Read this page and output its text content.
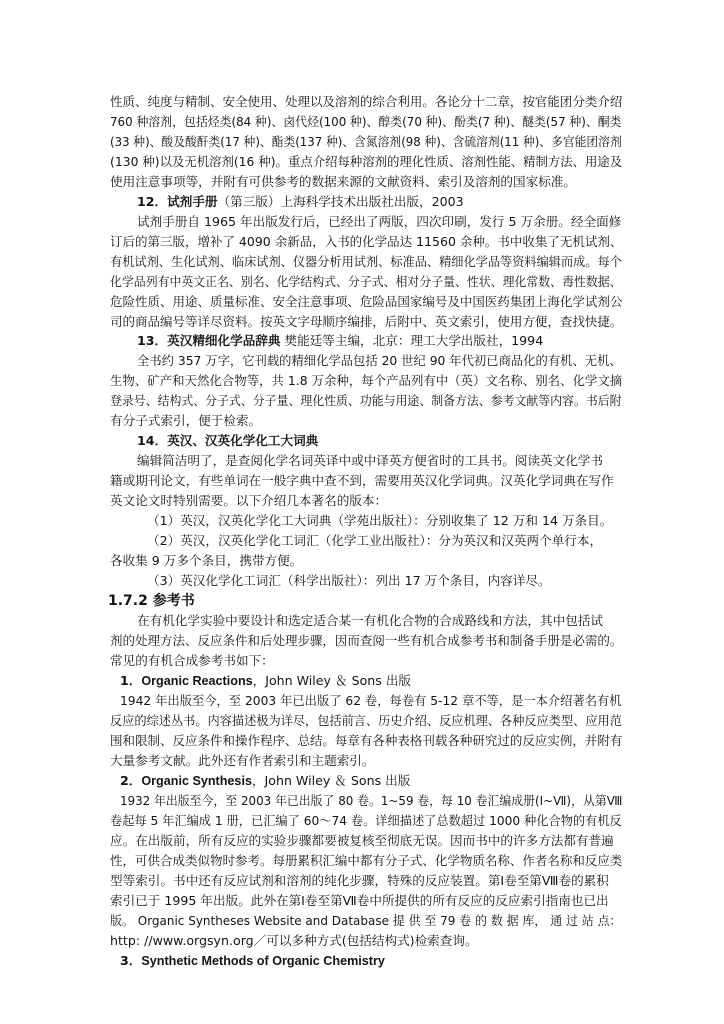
性质、纯度与精制、安全使用、处理以及溶剂的综合利用。各论分十二章，按官能团分类介绍
760 种溶剂，包括烃类(84 种)、卤代烃(100 种)、醇类(70 种)、酚类(7 种)、醚类(57 种)、酮类
(33 种)、酸及酸酐类(17 种)、酯类(137 种)、含氮溶剂(98 种)、含硫溶剂(11 种)、多官能团溶剂
(130 种)以及无机溶剂(16 种)。重点介绍每种溶剂的理化性质、溶剂性能、精制方法、用途及
使用注意事项等，并附有可供参考的数据来源的文献资料、索引及溶剂的国家标准。
12．试剂手册（第三版）上海科学技术出版社出版，2003
试剂手册自 1965 年出版发行后，已经出了两版，四次印刷，发行 5 万余册。经全面修
订后的第三版，增补了 4090 余新品，入书的化学品达 11560 余种。书中收集了无机试剂、
有机试剂、生化试剂、临床试剂、仪器分析用试剂、标准品、精细化学品等资料编辑而成。每个
化学品列有中英文正名、别名、化学结构式、分子式、相对分子量、性状、理化常数、毒性数据、
危险性质、用途、质量标准、安全注意事项、危险品国家编号及中国医药集团上海化学试剂公
司的商品编号等详尽资料。按英文字母顺序编排，后附中、英文索引，使用方便，查找快捷。
13．英汉精细化学品辞典 樊能廷等主编，北京：理工大学出版社，1994
全书约 357 万字，它刊载的精细化学品包括 20 世纪 90 年代初已商品化的有机、无机、
生物、矿产和天然化合物等，共 1.8 万余种，每个产品列有中（英）文名称、别名、化学文摘
登录号、结构式、分子式、分子量、理化性质、功能与用途、制备方法、参考文献等内容。书后附
有分子式索引，便于检索。
14．英汉、汉英化学化工大词典
编辑简洁明了，是查阅化学名词英译中或中译英方便省时的工具书。阅读英文化学书
籍或期刊论文，有些单词在一般字典中查不到，需要用英汉化学词典。汉英化学词典在写作
英文论文时特别需要。以下介绍几本著名的版本：
（1）英汉，汉英化学化工大词典（学苑出版社）：分别收集了 12 万和 14 万条目。
（2）英汉，汉英化学化工词汇（化学工业出版社）：分为英汉和汉英两个单行本，
各收集 9 万多个条目，携带方便。
（3）英汉化学化工词汇（科学出版社）：列出 17 万个条目，内容详尽。
1.7.2 参考书
在有机化学实验中要设计和选定适合某一有机化合物的合成路线和方法，其中包括试
剂的处理方法、反应条件和后处理步骤，因而查阅一些有机合成参考书和制备手册是必需的。
常见的有机合成参考书如下：
1．Organic Reactions，John Wiley ＆ Sons 出版
1942 年出版至今，至 2003 年已出版了 62 卷，每卷有 5-12 章不等，是一本介绍著名有机
反应的综述丛书。内容描述极为详尽，包括前言、历史介绍、反应机理、各种反应类型、应用范
围和限制、反应条件和操作程序、总结。每章有各种表格刊载各种研究过的反应实例，并附有
大量参考文献。此外还有作者索引和主题索引。
2．Organic Synthesis，John Wiley ＆ Sons 出版
1932 年出版至今，至 2003 年已出版了 80 卷。1~59 卷，每 10 卷汇编成册(Ⅰ~Ⅶ)，从第Ⅷ
卷起每 5 年汇编成 1 册，已汇编了 60～74 卷。详细描述了总数超过 1000 种化合物的有机反
应。在出版前，所有反应的实验步骤都要被复核至彻底无误。因而书中的许多方法都有普遍
性，可供合成类似物时参考。每册累积汇编中都有分子式、化学物质名称、作者名称和反应类
型等索引。书中还有反应试剂和溶剂的纯化步骤，特殊的反应装置。第Ⅰ卷至第Ⅷ卷的累积
索引已于 1995 年出版。此外在第Ⅰ卷至第Ⅶ卷中所提供的所有反应的反应索引指南也已出
版。 Organic Syntheses Website and Database 提 供 至 79 卷 的 数 据 库， 通 过 站 点：
http: //www.orgsyn.org／可以多种方式(包括结构式)检索查询。
3．Synthetic Methods of Organic Chemistry
